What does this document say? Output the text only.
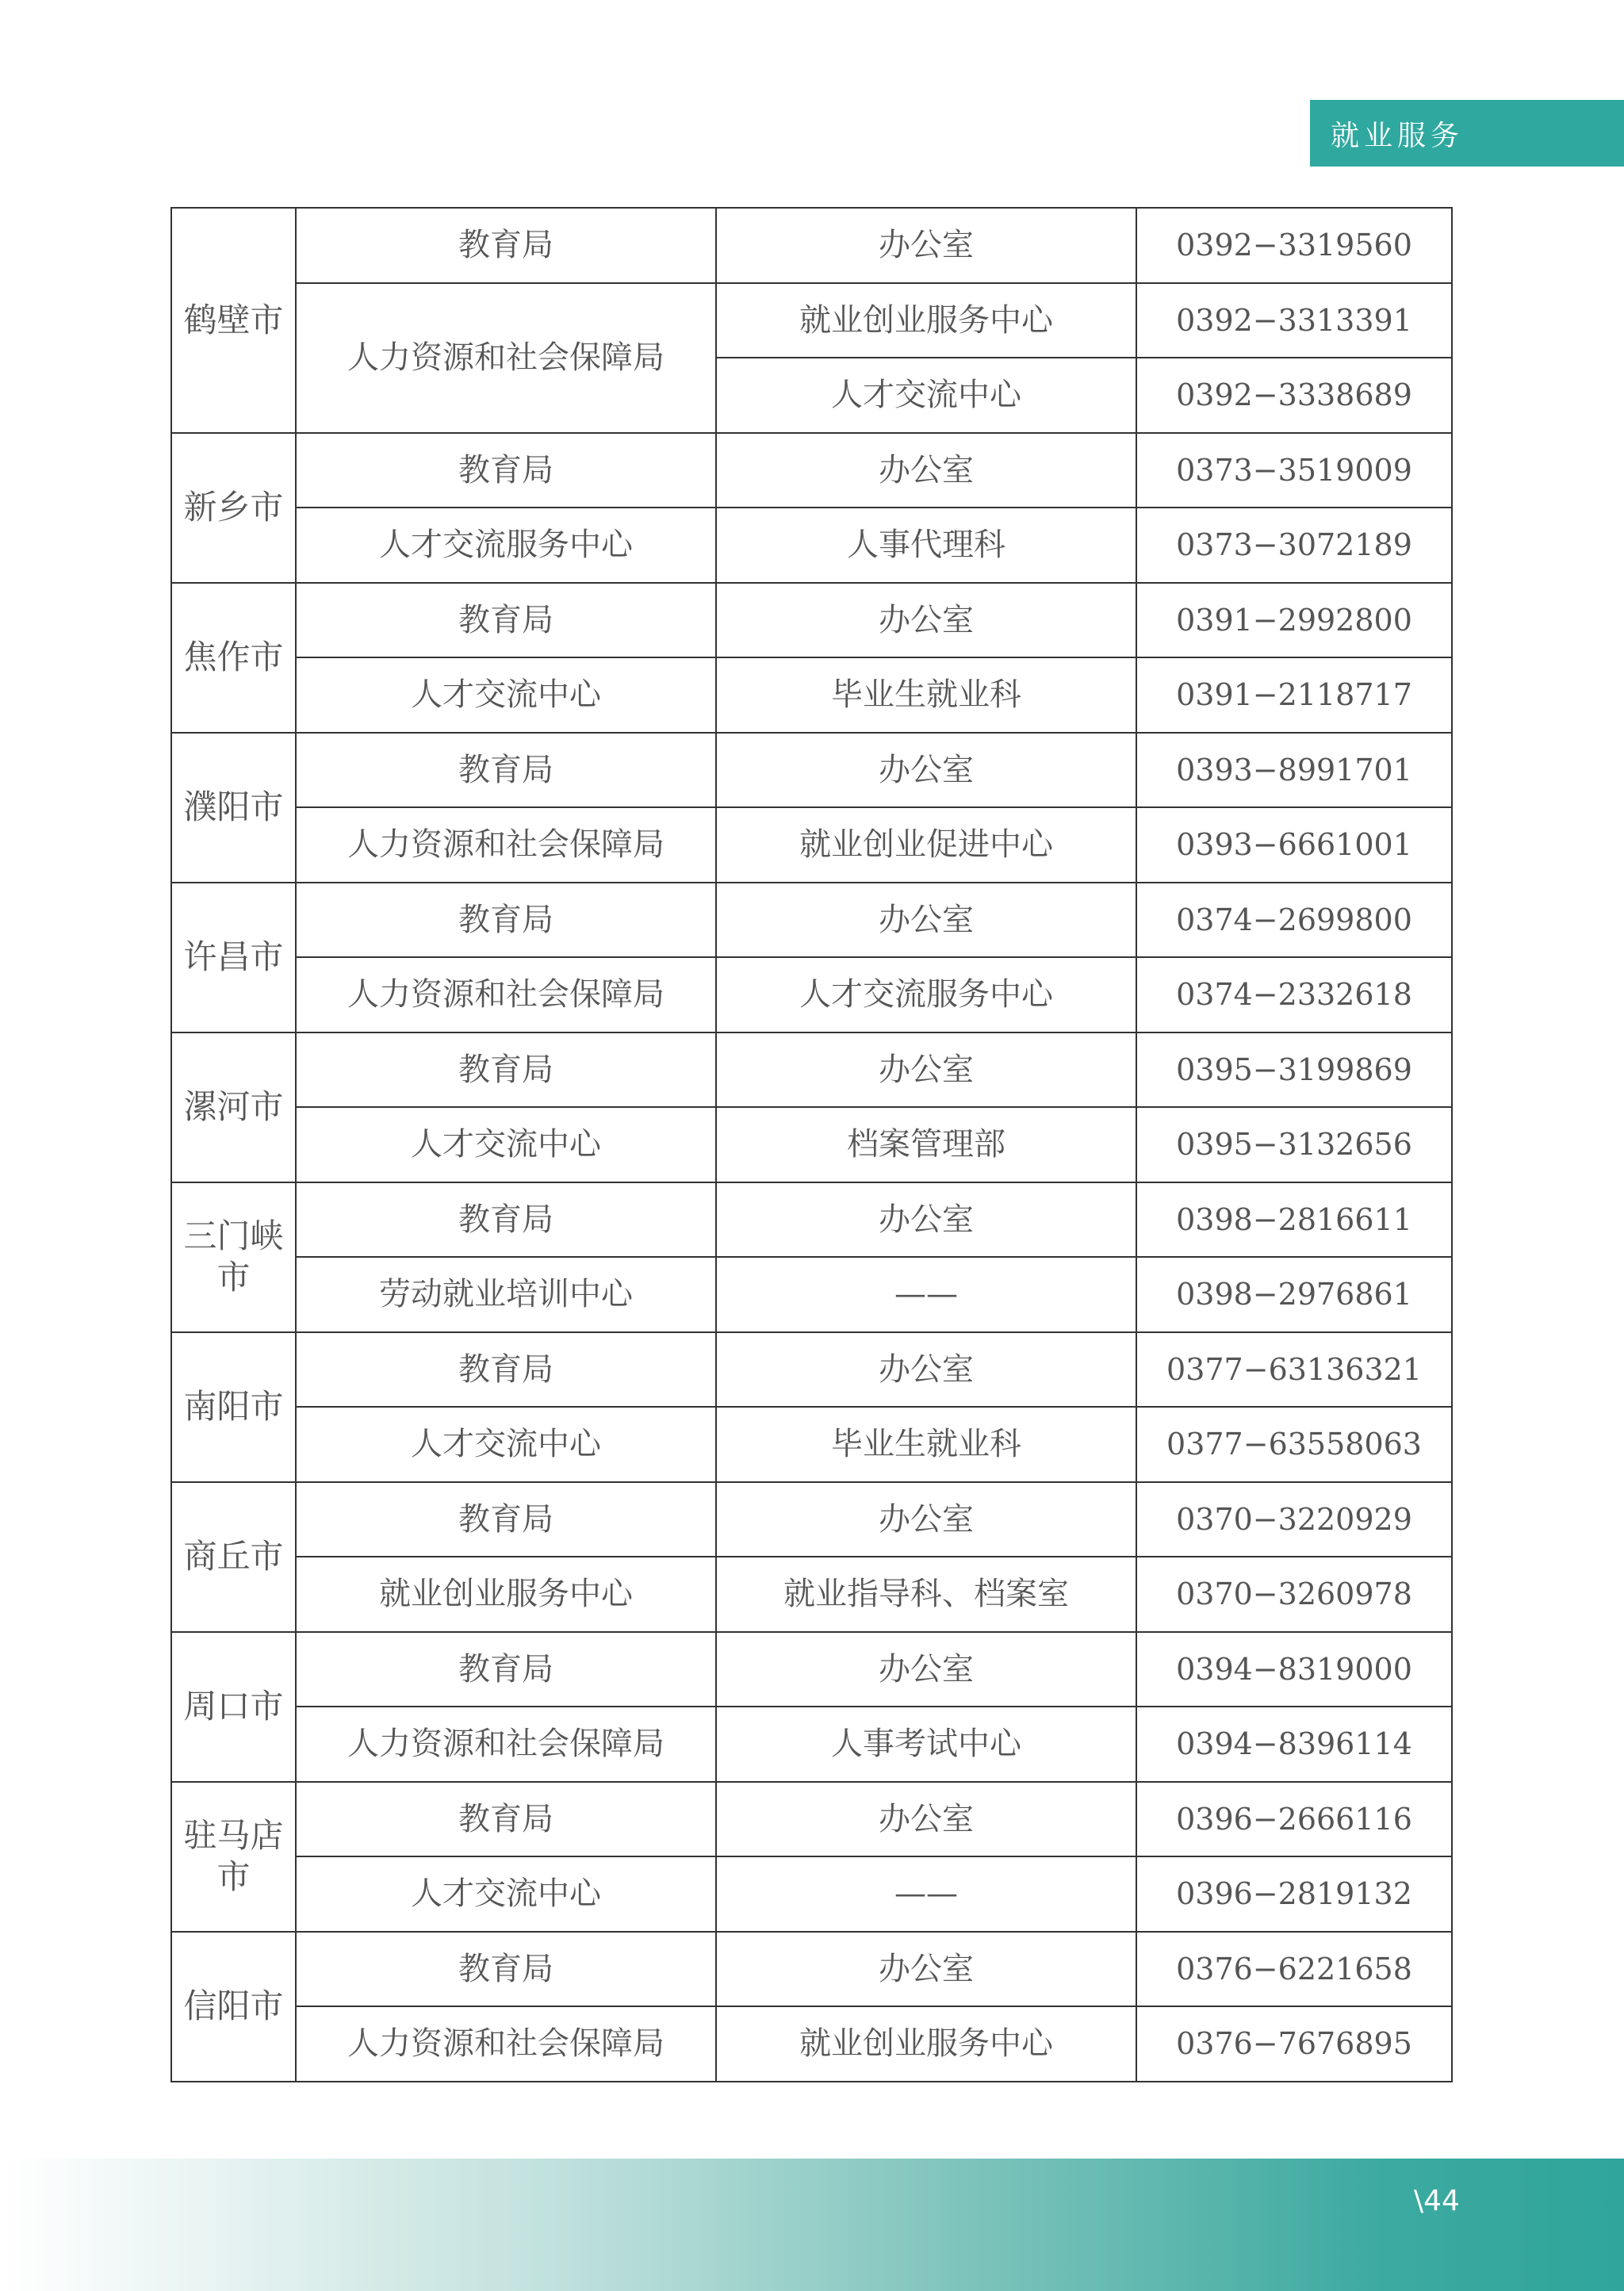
就业服务
鹤壁市	教育局	办公室	0392−3319560
	人力资源和社会保障局	就业创业服务中心	0392−3313391
		人才交流中心	0392−3338689
新乡市	教育局	办公室	0373−3519009
	人才交流服务中心	人事代理科	0373−3072189
焦作市	教育局	办公室	0391−2992800
	人才交流中心	毕业生就业科	0391−2118717
濮阳市	教育局	办公室	0393−8991701
	人力资源和社会保障局	就业创业促进中心	0393−6661001
许昌市	教育局	办公室	0374−2699800
	人力资源和社会保障局	人才交流服务中心	0374−2332618
漯河市	教育局	办公室	0395−3199869
	人才交流中心	档案管理部	0395−3132656
三门峡市	教育局	办公室	0398−2816611
	劳动就业培训中心	——	0398−2976861
南阳市	教育局	办公室	0377−63136321
	人才交流中心	毕业生就业科	0377−63558063
商丘市	教育局	办公室	0370−3220929
	就业创业服务中心	就业指导科、档案室	0370−3260978
周口市	教育局	办公室	0394−8319000
	人力资源和社会保障局	人事考试中心	0394−8396114
驻马店市	教育局	办公室	0396−2666116
	人才交流中心	——	0396−2819132
信阳市	教育局	办公室	0376−6221658
	人力资源和社会保障局	就业创业服务中心	0376−7676895
\44
